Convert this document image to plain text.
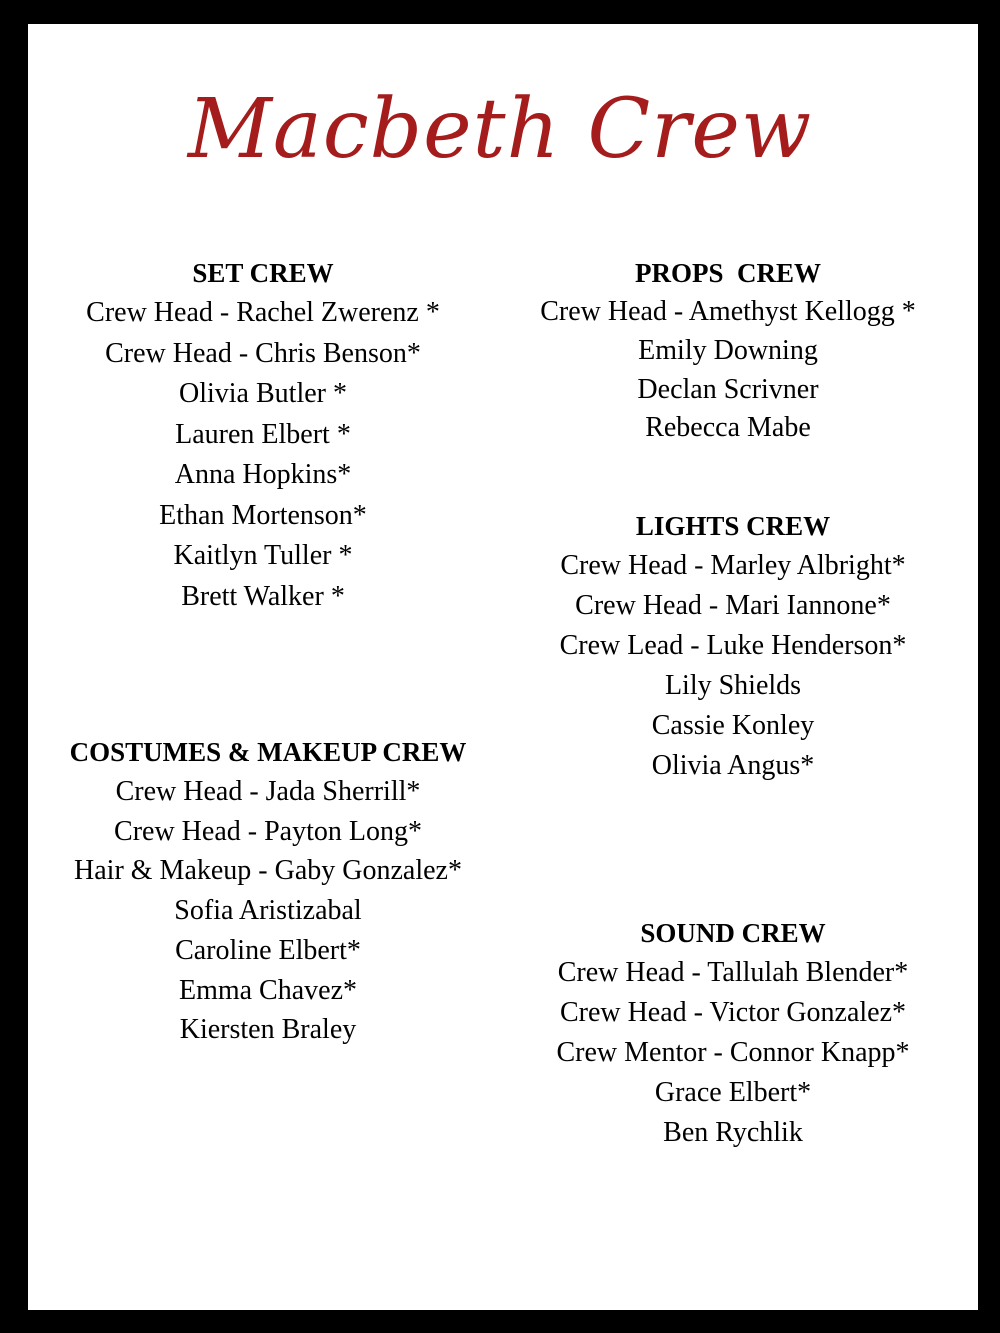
Macbeth Crew
SET CREW
Crew Head - Rachel Zwerenz *
Crew Head - Chris Benson*
Olivia Butler *
Lauren Elbert *
Anna Hopkins*
Ethan Mortenson*
Kaitlyn Tuller *
Brett Walker *
COSTUMES & MAKEUP CREW
Crew Head - Jada Sherrill*
Crew Head - Payton Long*
Hair & Makeup - Gaby Gonzalez*
Sofia Aristizabal
Caroline Elbert*
Emma Chavez*
Kiersten Braley
PROPS  CREW
Crew Head - Amethyst Kellogg *
Emily Downing
Declan Scrivner
Rebecca Mabe
LIGHTS CREW
Crew Head - Marley Albright*
Crew Head - Mari Iannone*
Crew Lead - Luke Henderson*
Lily Shields
Cassie Konley
Olivia Angus*
SOUND CREW
Crew Head - Tallulah Blender*
Crew Head - Victor Gonzalez*
Crew Mentor - Connor Knapp*
Grace Elbert*
Ben Rychlik
